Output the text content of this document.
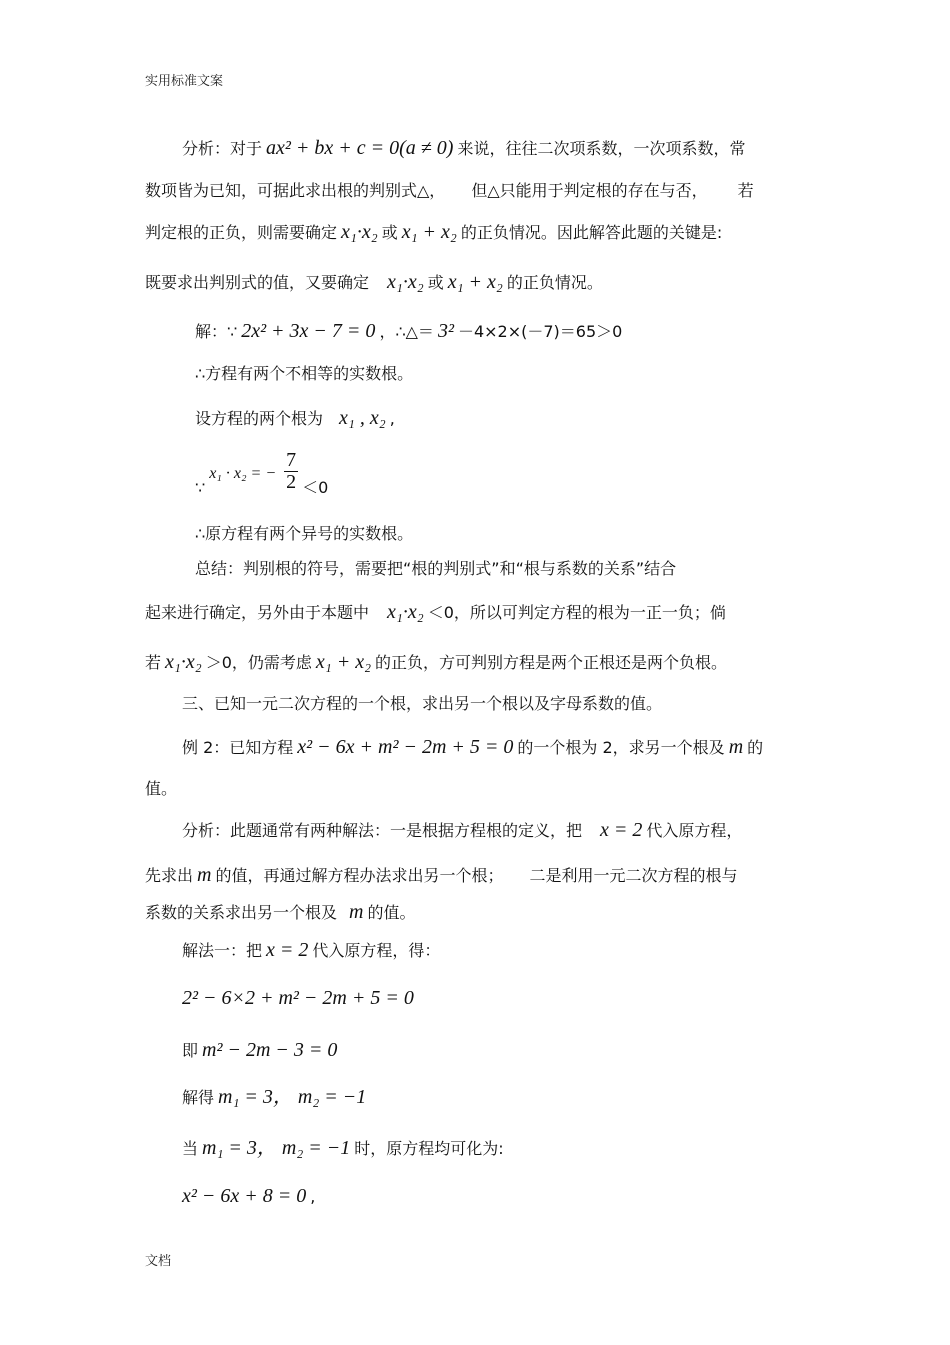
实用标准文案
分析：对于 ax² + bx + c = 0(a ≠ 0) 来说，往往二次项系数，一次项系数，常
数项皆为已知，可据此求出根的判别式△， 但△只能用于判定根的存在与否， 若
判定根的正负，则需要确定 x₁·x₂ 或 x₁ + x₂ 的正负情况。因此解答此题的关键是:
既要求出判别式的值，又要确定 x₁·x₂ 或 x₁ + x₂ 的正负情况。
解：∵ 2x² + 3x − 7 = 0 ，∴△＝ 3² －4×2×(－7)＝65＞0
∴方程有两个不相等的实数根。
设方程的两个根为 x₁ , x₂ ,
∵
x₁ · x₂ = − $\frac{7}{2} <0$
∴原方程有两个异号的实数根。
总结：判别根的符号，需要把“根的判别式”和“根与系数的关系”结合
起来进行确定，另外由于本题中 x₁·x₂ ＜0，所以可判定方程的根为一正一负；倘
若 x₁·x₂ ＞0，仍需考虑 x₁ + x₂ 的正负，方可判别方程是两个正根还是两个负根。
三、已知一元二次方程的一个根，求出另一个根以及字母系数的值。
例 2：已知方程 x² − 6x + m² − 2m + 5 = 0 的一个根为 2，求另一个根及 m 的
值。
分析：此题通常有两种解法：一是根据方程根的定义，把 x = 2 代入原方程，
先求出 m 的值，再通过解方程办法求出另一个根； 二是利用一元二次方程的根与
系数的关系求出另一个根及 m 的值。
解法一：把 x = 2 代入原方程，得：
2² − 6×2 + m² − 2m + 5 = 0
即 m² − 2m − 3 = 0
解得 m₁ = 3， m₂ = −1
当 m₁ = 3， m₂ = −1 时，原方程均可化为:
x² − 6x + 8 = 0 ,
文档
